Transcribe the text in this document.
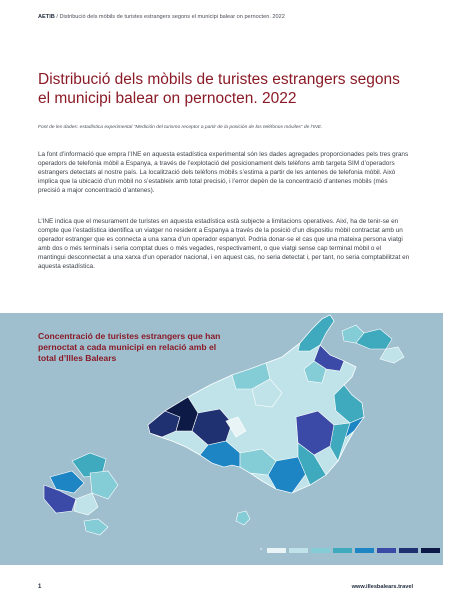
AETIB / Distribució dels mòbils de turistes estrangers segons el municipi balear on pernocten. 2022
Distribució dels mòbils de turistes estrangers segons el municipi balear on pernocten. 2022
Font de les dades: estadística experimental “Medición del turismo receptor a partir de la posición de los teléfonos móviles” de l’INE.

La font d’informació que empra l’INE en aquesta estadística experimental són les dades agregades proporcionades pels tres grans operadors de telefonia mòbil a Espanya, a través de l’explotació del posicionament dels telèfons amb targeta SIM d’operadors estrangers detectats al nostre país. La localització dels telèfons mòbils s’estima a partir de les antenes de telefonia mòbil. Això implica que la ubicació d’un mòbil no s’estableix amb total precisió, i l’error depèn de la concentració d’antenes mòbils (més precisió a major concentració d’antenes).

L’INE indica que el mesurament de turistes en aquesta estadística està subjecte a limitacions operatives. Així, ha de tenir-se en compte que l’estadística identifica un viatger no resident a Espanya a través de la posició d’un dispositiu mòbil contractat amb un operador estranger que es connecta a una xarxa d’un operador espanyol. Podria donar-se el cas que una mateixa persona viatgi amb dos o més terminals i seria comptat dues o més vegades, respectivament, o que viatgi sense cap terminal mòbil o el mantingui desconnectat a una xarxa d’un operador nacional, i en aquest cas, no seria detectat i, per tant, no seria comptabilitzat en aquesta estadística.

Concentració de turistes estrangers que han pernoctat a cada municipi en relació amb el total d’Illes Balears
-	+
1	www.illesbalears.travel
